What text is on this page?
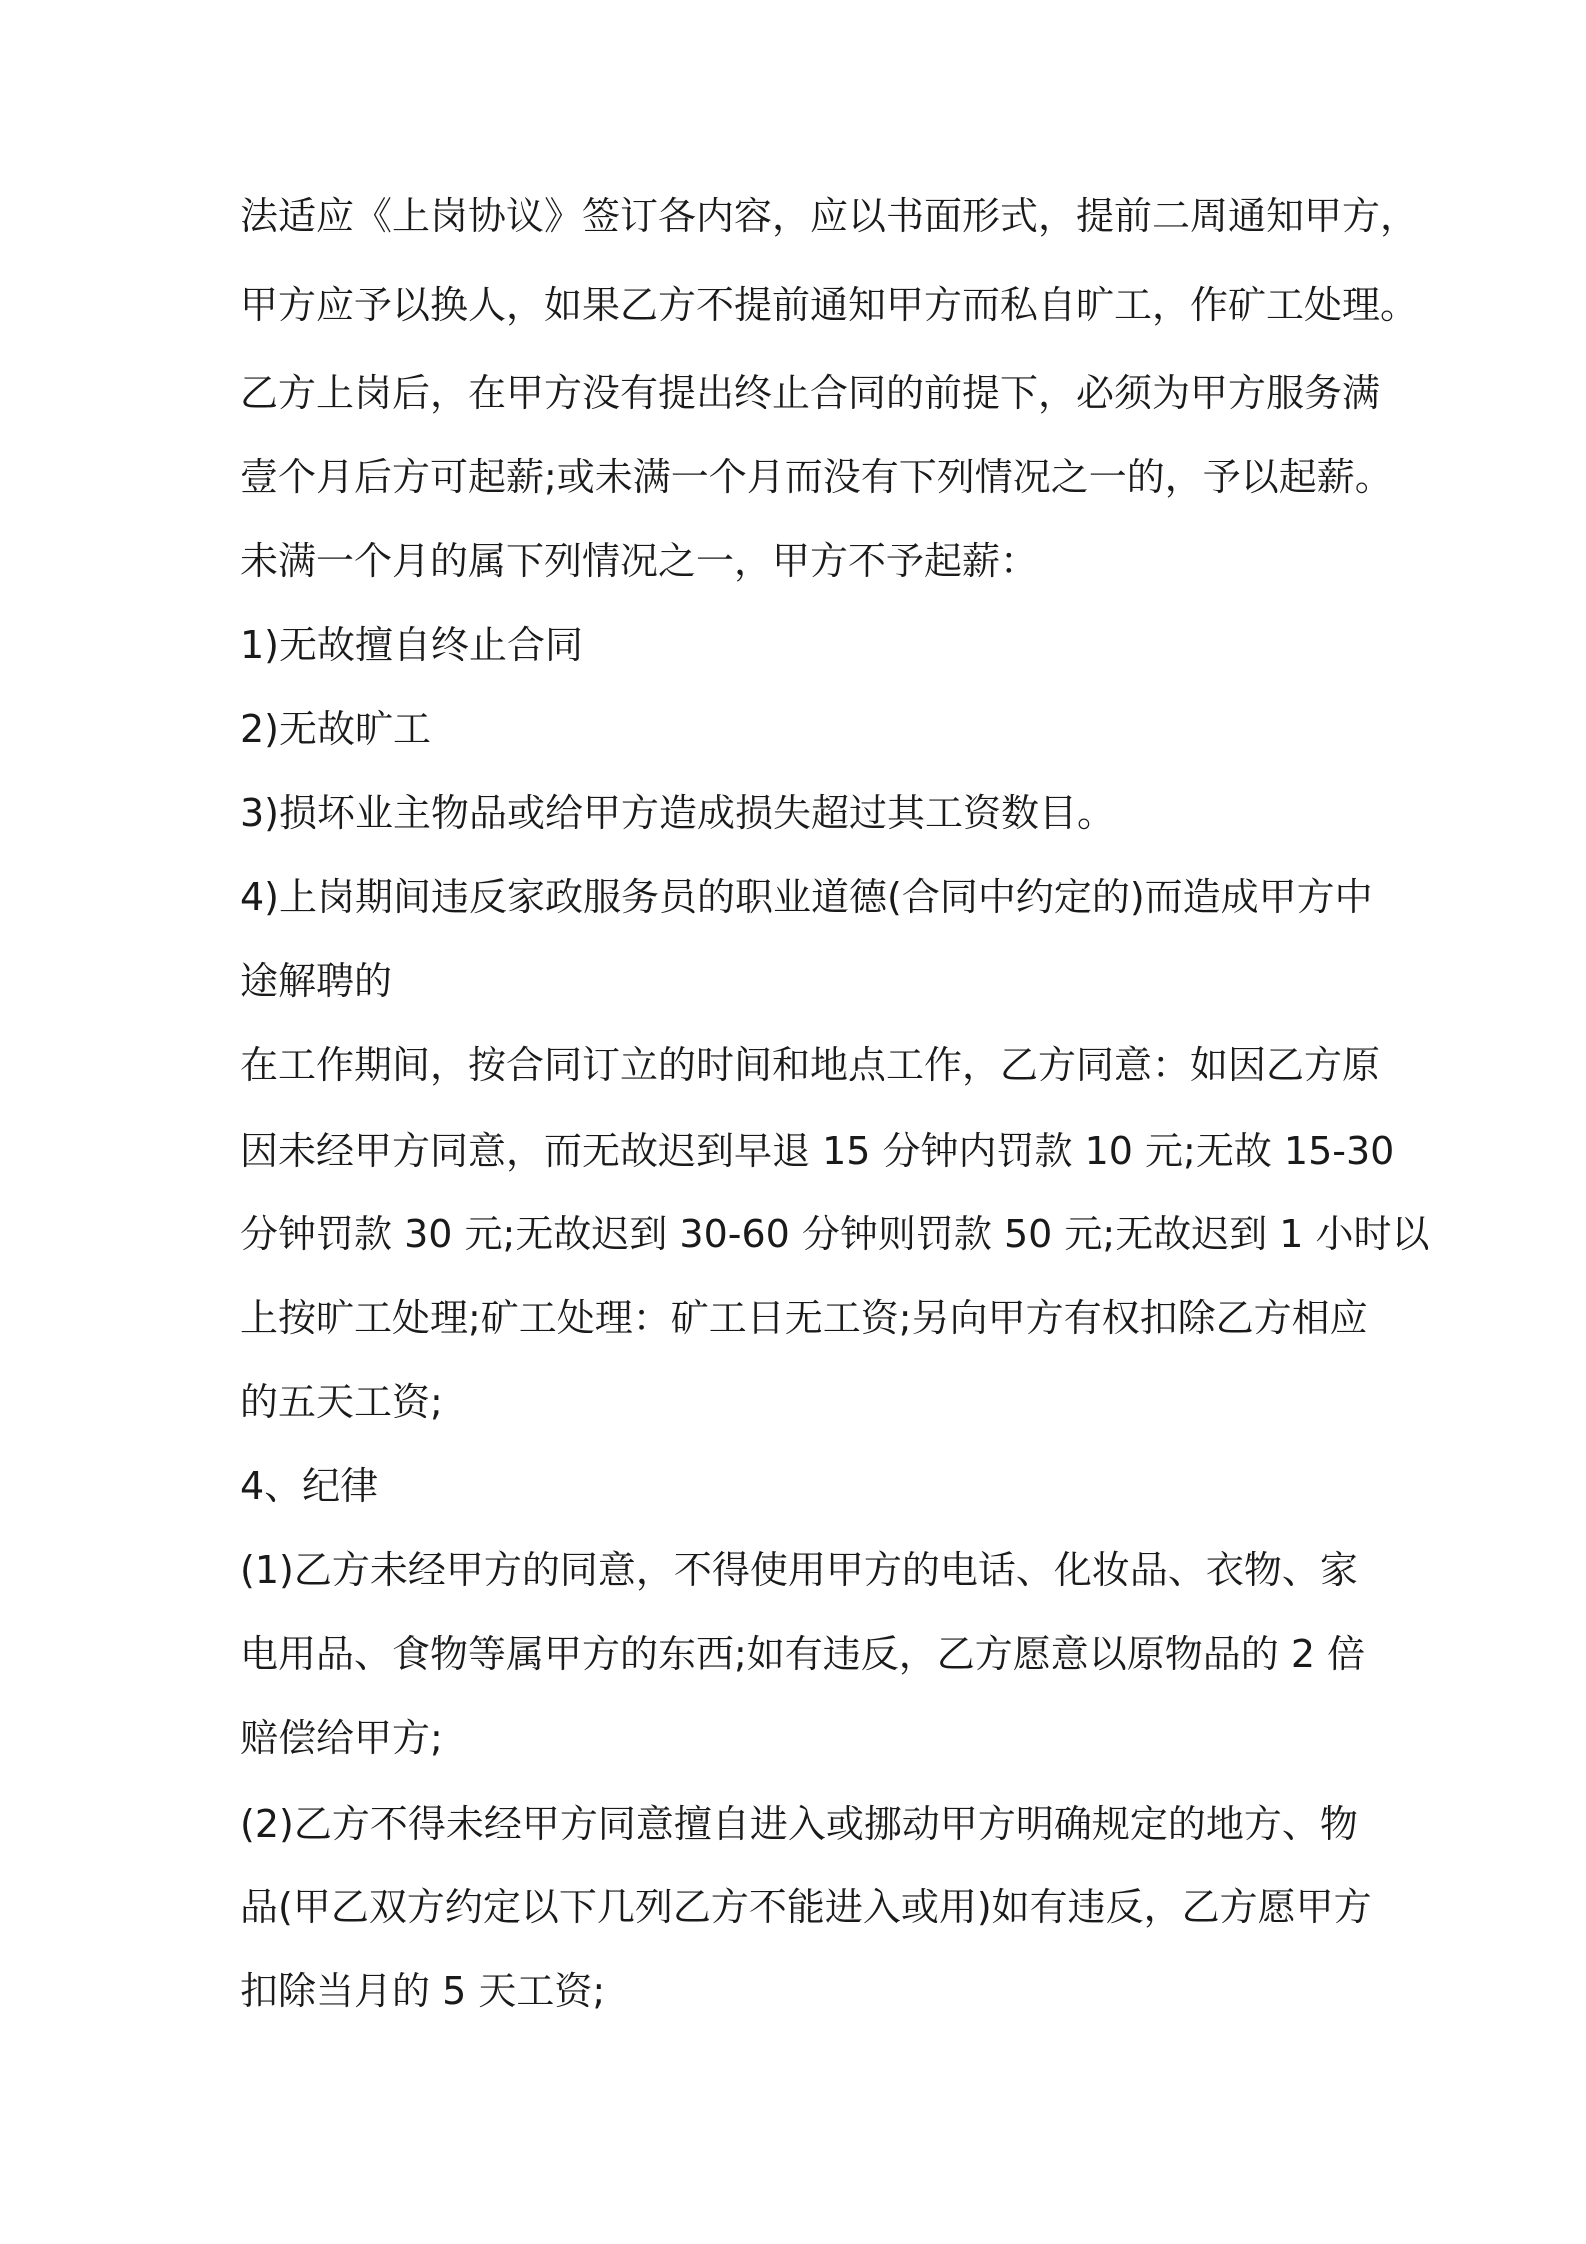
法适应《上岗协议》签订各内容，应以书面形式，提前二周通知甲方，
甲方应予以换人，如果乙方不提前通知甲方而私自旷工，作矿工处理。
乙方上岗后，在甲方没有提出终止合同的前提下，必须为甲方服务满
壹个月后方可起薪;或未满一个月而没有下列情况之一的，予以起薪。
未满一个月的属下列情况之一，甲方不予起薪：
1)无故擅自终止合同
2)无故旷工
3)损坏业主物品或给甲方造成损失超过其工资数目。
4)上岗期间违反家政服务员的职业道德(合同中约定的)而造成甲方中
途解聘的
在工作期间，按合同订立的时间和地点工作，乙方同意：如因乙方原
因未经甲方同意，而无故迟到早退 15 分钟内罚款 10 元;无故 15-30
分钟罚款 30 元;无故迟到 30-60 分钟则罚款 50 元;无故迟到 1 小时以
上按旷工处理;矿工处理：矿工日无工资;另向甲方有权扣除乙方相应
的五天工资;
4、纪律
(1)乙方未经甲方的同意，不得使用甲方的电话、化妆品、衣物、家
电用品、食物等属甲方的东西;如有违反，乙方愿意以原物品的 2 倍
赔偿给甲方;
(2)乙方不得未经甲方同意擅自进入或挪动甲方明确规定的地方、物
品(甲乙双方约定以下几列乙方不能进入或用)如有违反，乙方愿甲方
扣除当月的 5 天工资;
